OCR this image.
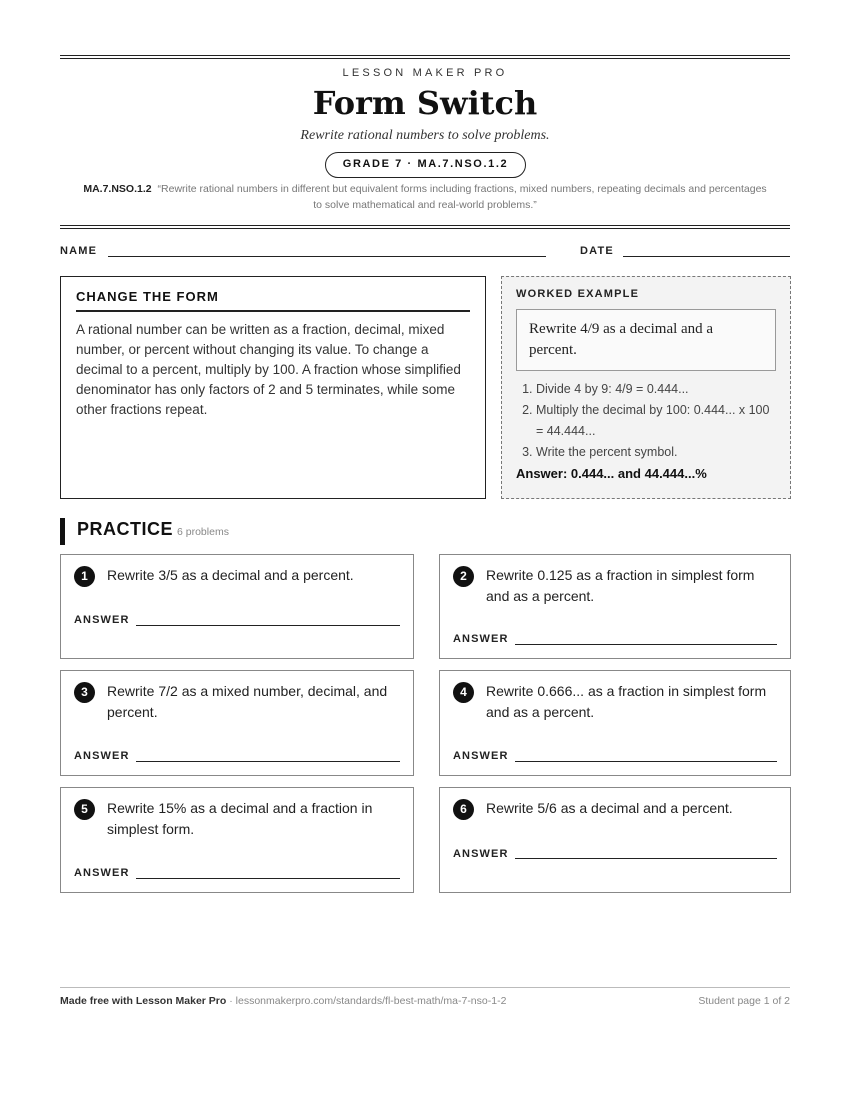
LESSON MAKER PRO
Form Switch
Rewrite rational numbers to solve problems.
GRADE 7 · MA.7.NSO.1.2
MA.7.NSO.1.2 “Rewrite rational numbers in different but equivalent forms including fractions, mixed numbers, repeating decimals and percentages to solve mathematical and real-world problems.”
NAME	DATE
CHANGE THE FORM

A rational number can be written as a fraction, decimal, mixed number, or percent without changing its value. To change a decimal to a percent, multiply by 100. A fraction whose simplified denominator has only factors of 2 and 5 terminates, while some other fractions repeat.

WORKED EXAMPLE
Rewrite 4/9 as a decimal and a percent.
1. Divide 4 by 9: 4/9 = 0.444...
2. Multiply the decimal by 100: 0.444... x 100 = 44.444...
3. Write the percent symbol.
Answer: 0.444... and 44.444...%
PRACTICE 6 problems
1	Rewrite 3/5 as a decimal and a percent.
ANSWER
2	Rewrite 0.125 as a fraction in simplest form and as a percent.
ANSWER
3	Rewrite 7/2 as a mixed number, decimal, and percent.
ANSWER
4	Rewrite 0.666... as a fraction in simplest form and as a percent.
ANSWER
5	Rewrite 15% as a decimal and a fraction in simplest form.
ANSWER
6	Rewrite 5/6 as a decimal and a percent.
ANSWER
Made free with Lesson Maker Pro · lessonmakerpro.com/standards/fl-best-math/ma-7-nso-1-2	Student page 1 of 2
